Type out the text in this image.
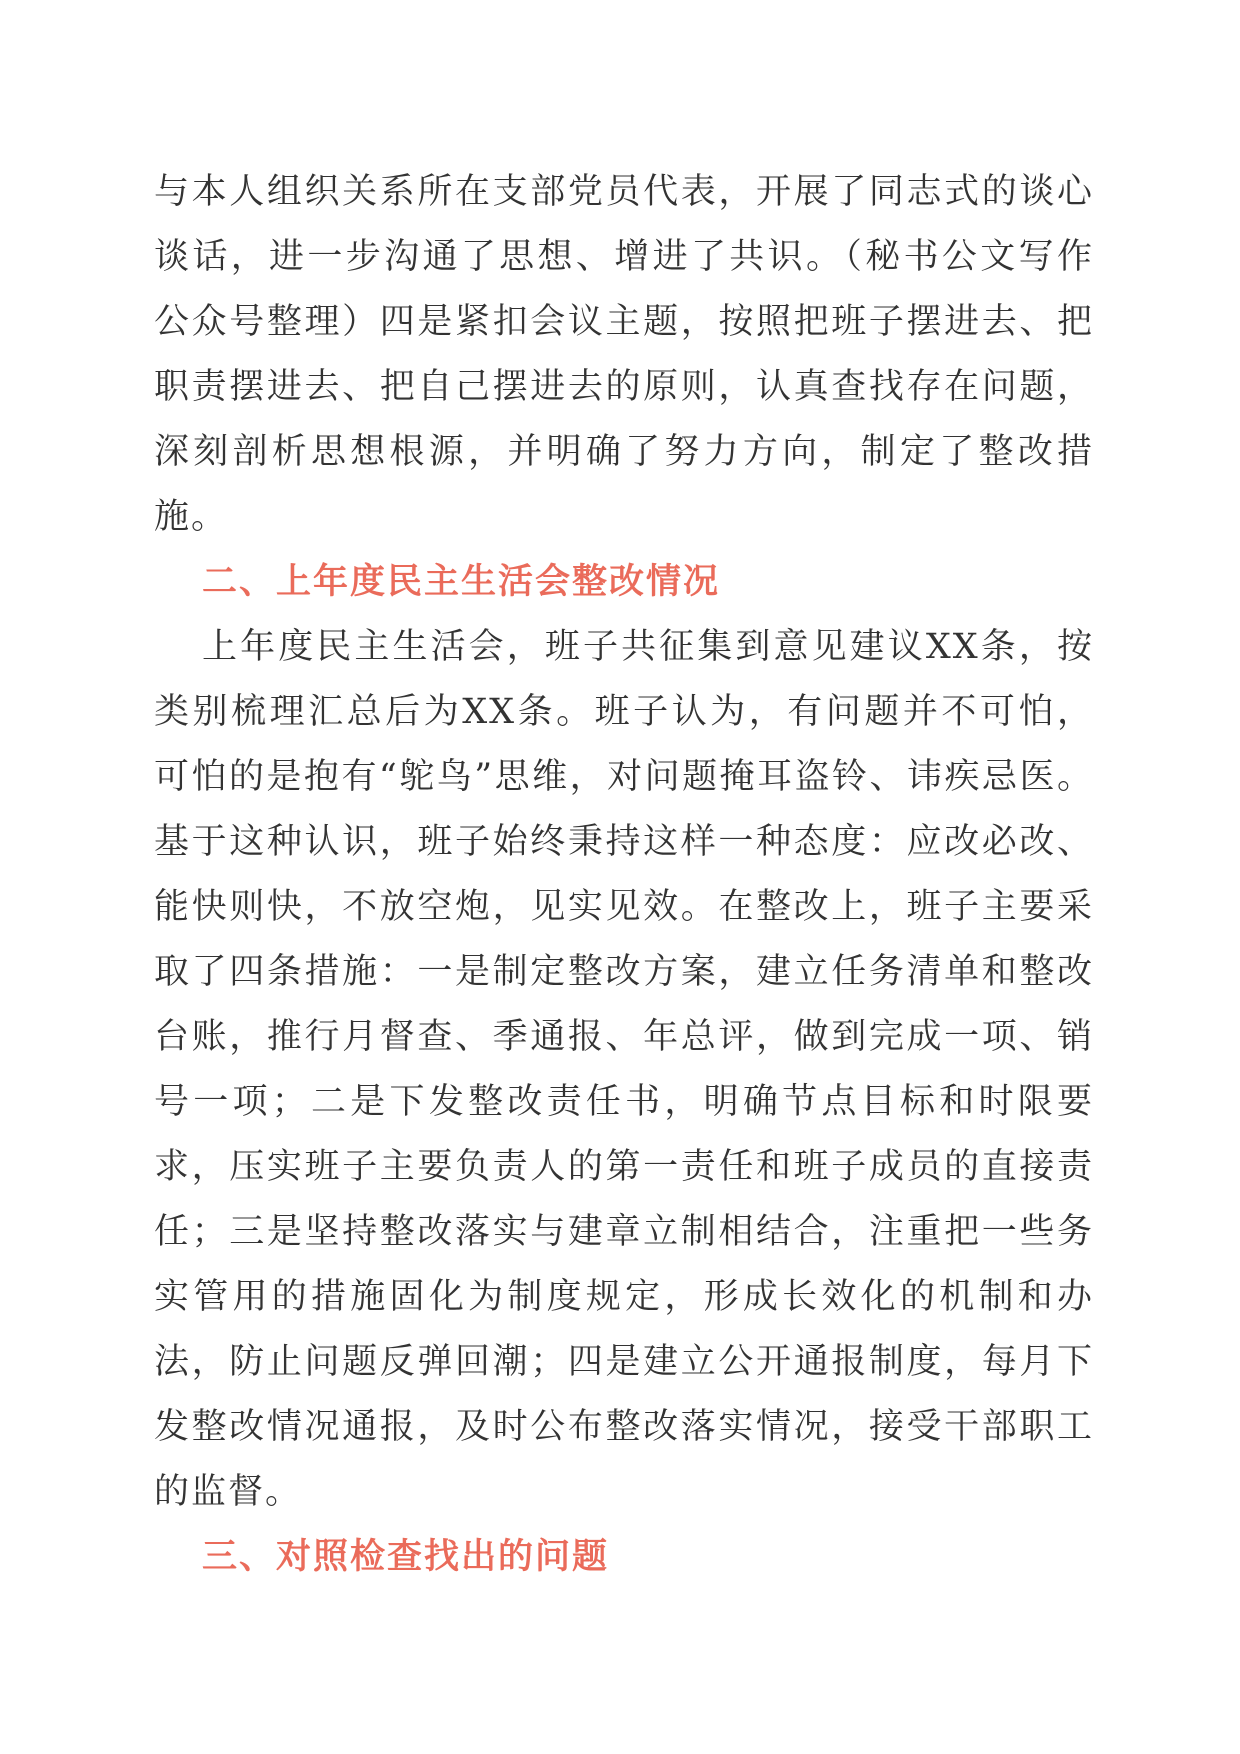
与本人组织关系所在支部党员代表，开展了同志式的谈心谈话，进一步沟通了思想、增进了共识。（秘书公文写作公众号整理）四是紧扣会议主题，按照把班子摆进去、把职责摆进去、把自己摆进去的原则，认真查找存在问题，深刻剖析思想根源，并明确了努力方向，制定了整改措施。

二、上年度民主生活会整改情况

上年度民主生活会，班子共征集到意见建议XX条，按类别梳理汇总后为XX条。班子认为，有问题并不可怕，可怕的是抱有“鸵鸟”思维，对问题掩耳盗铃、讳疾忌医。基于这种认识，班子始终秉持这样一种态度：应改必改、能快则快，不放空炮，见实见效。在整改上，班子主要采取了四条措施：一是制定整改方案，建立任务清单和整改台账，推行月督查、季通报、年总评，做到完成一项、销号一项；二是下发整改责任书，明确节点目标和时限要求，压实班子主要负责人的第一责任和班子成员的直接责任；三是坚持整改落实与建章立制相结合，注重把一些务实管用的措施固化为制度规定，形成长效化的机制和办法，防止问题反弹回潮；四是建立公开通报制度，每月下发整改情况通报，及时公布整改落实情况，接受干部职工的监督。

三、对照检查找出的问题
